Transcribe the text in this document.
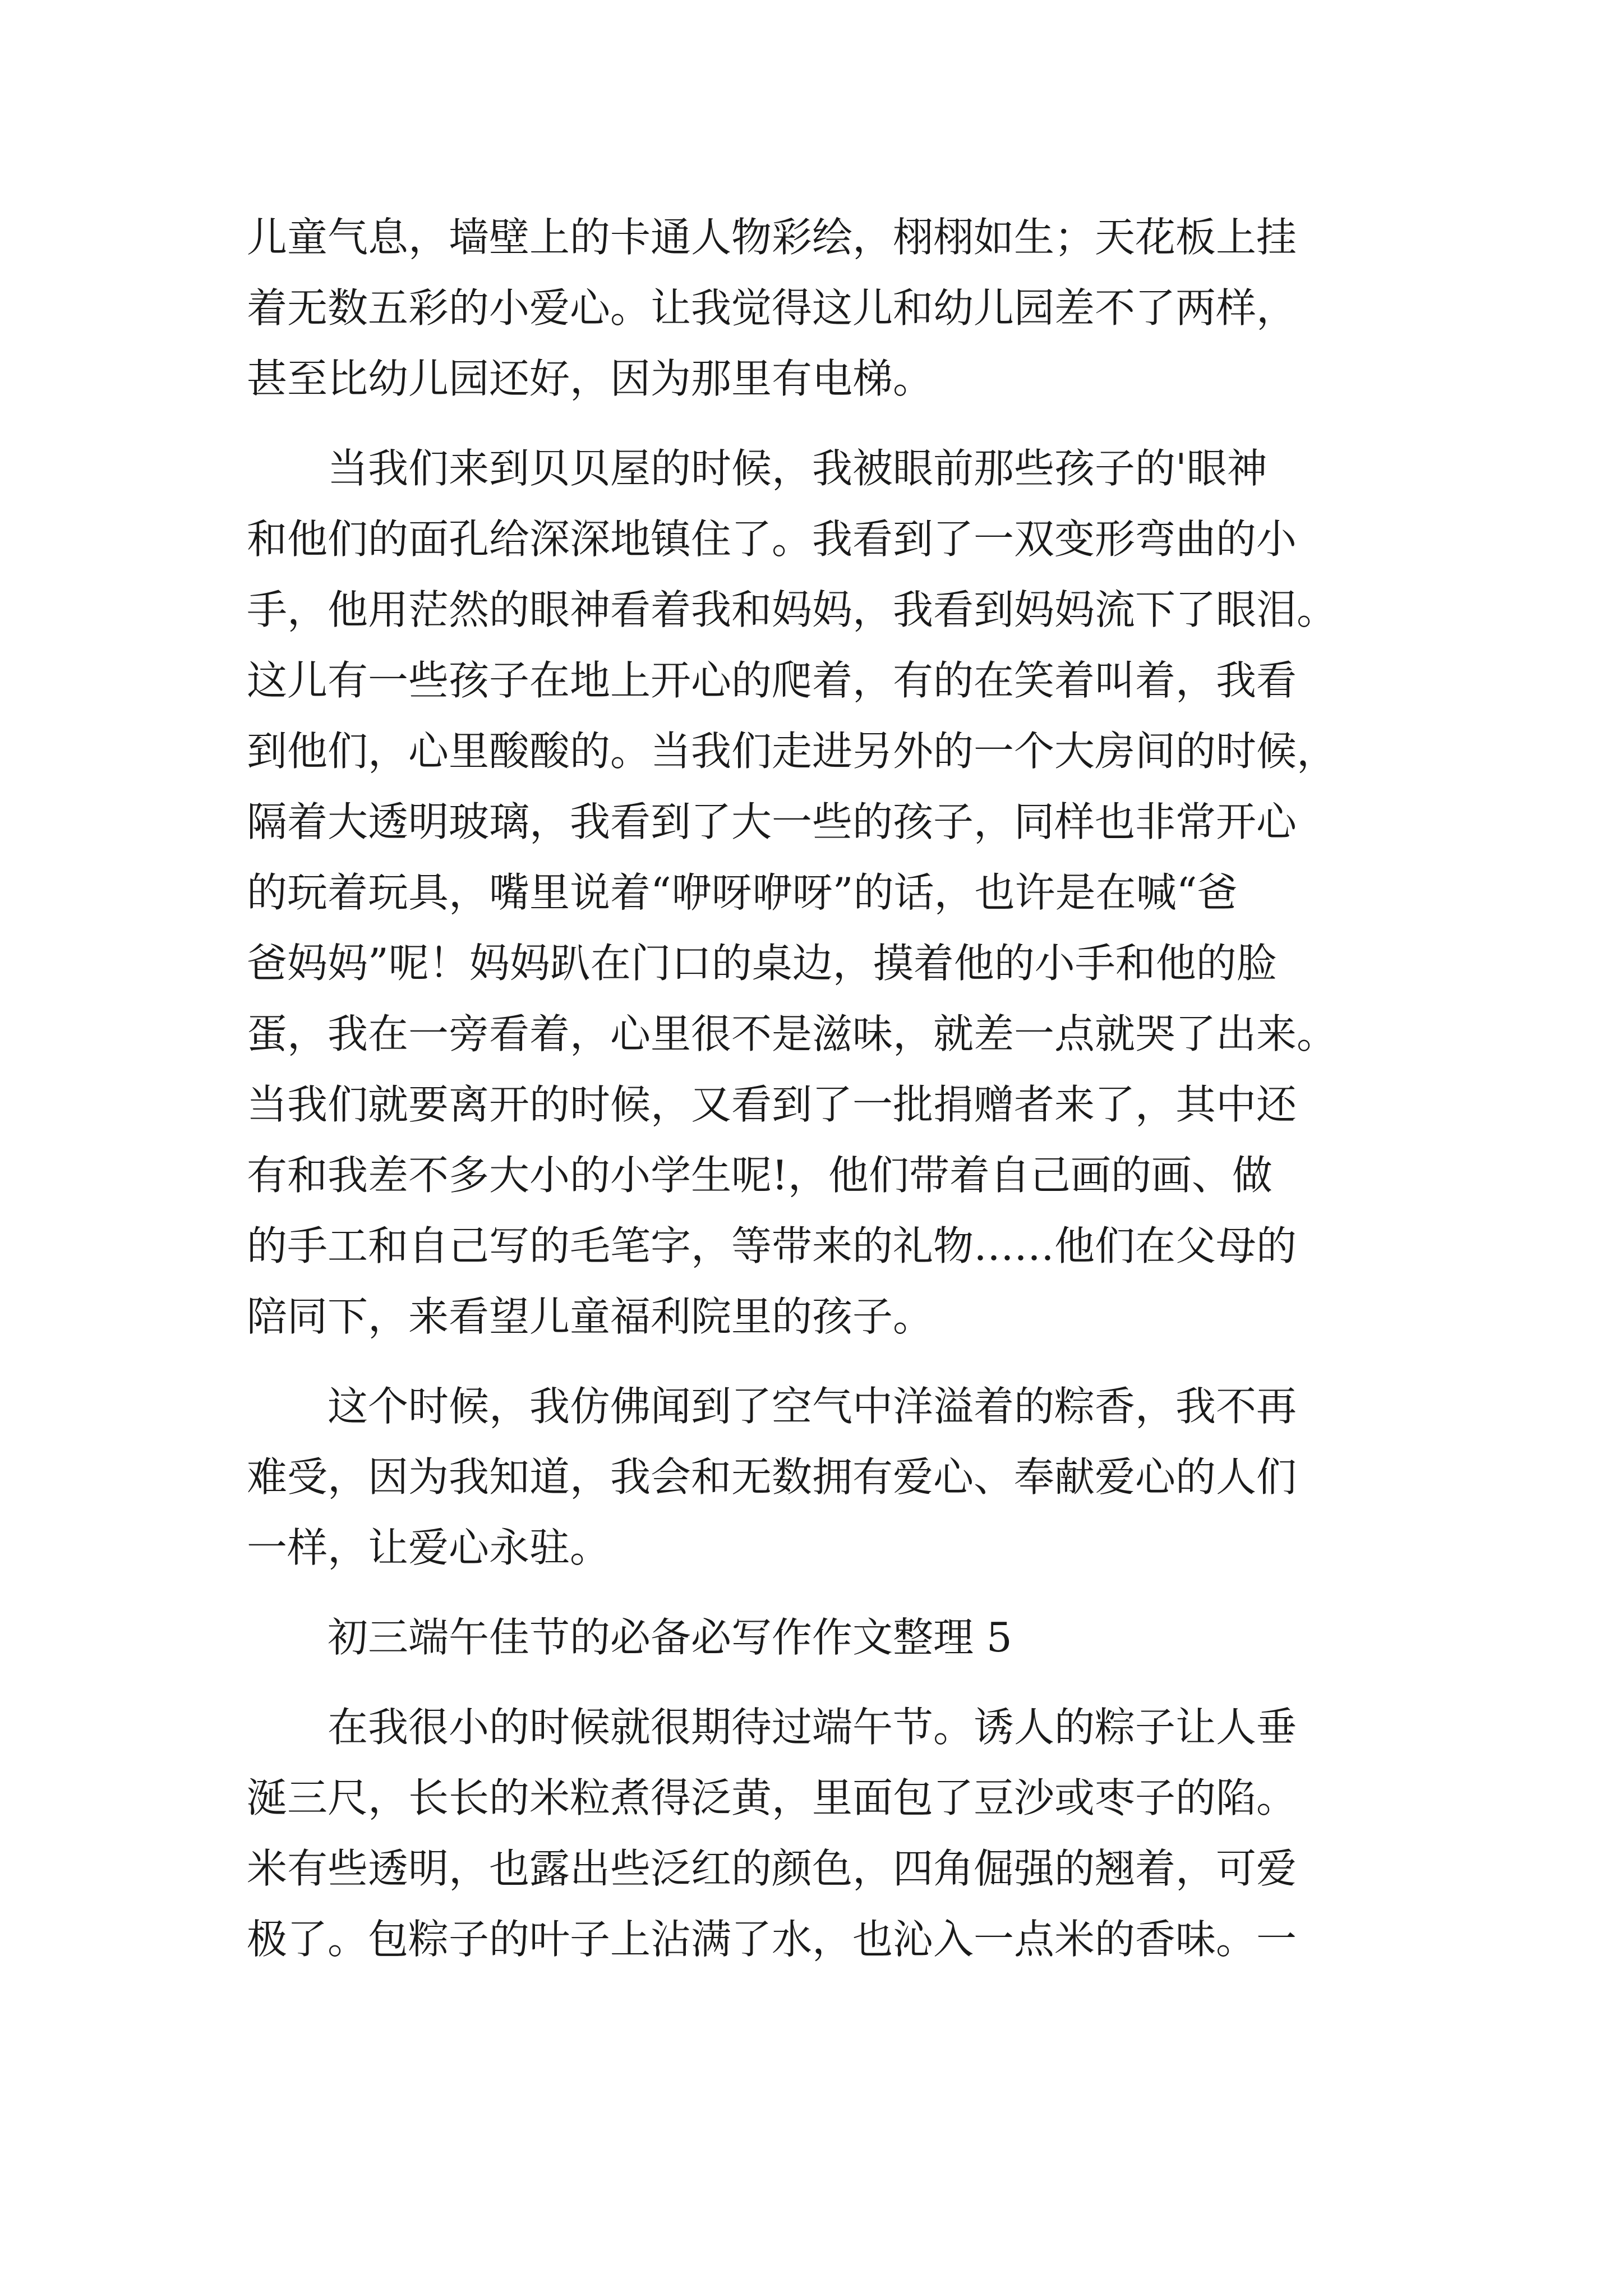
儿童气息，墙壁上的卡通人物彩绘，栩栩如生；天花板上挂
着无数五彩的小爱心。让我觉得这儿和幼儿园差不了两样，
甚至比幼儿园还好，因为那里有电梯。
　　当我们来到贝贝屋的时候，我被眼前那些孩子的'眼神
和他们的面孔给深深地镇住了。我看到了一双变形弯曲的小
手，他用茫然的眼神看着我和妈妈，我看到妈妈流下了眼泪。
这儿有一些孩子在地上开心的爬着，有的在笑着叫着，我看
到他们，心里酸酸的。当我们走进另外的一个大房间的时候，
隔着大透明玻璃，我看到了大一些的孩子，同样也非常开心
的玩着玩具，嘴里说着“咿呀咿呀”的话，也许是在喊“爸
爸妈妈”呢！妈妈趴在门口的桌边，摸着他的小手和他的脸
蛋，我在一旁看着，心里很不是滋味，就差一点就哭了出来。
当我们就要离开的时候，又看到了一批捐赠者来了，其中还
有和我差不多大小的小学生呢!，他们带着自己画的画、做
的手工和自己写的毛笔字，等带来的礼物……他们在父母的
陪同下，来看望儿童福利院里的孩子。
　　这个时候，我仿佛闻到了空气中洋溢着的粽香，我不再
难受，因为我知道，我会和无数拥有爱心、奉献爱心的人们
一样，让爱心永驻。
　　初三端午佳节的必备必写作作文整理 5
　　在我很小的时候就很期待过端午节。诱人的粽子让人垂
涎三尺，长长的米粒煮得泛黄，里面包了豆沙或枣子的陷。
米有些透明，也露出些泛红的颜色，四角倔强的翘着，可爱
极了。包粽子的叶子上沾满了水，也沁入一点米的香味。一
